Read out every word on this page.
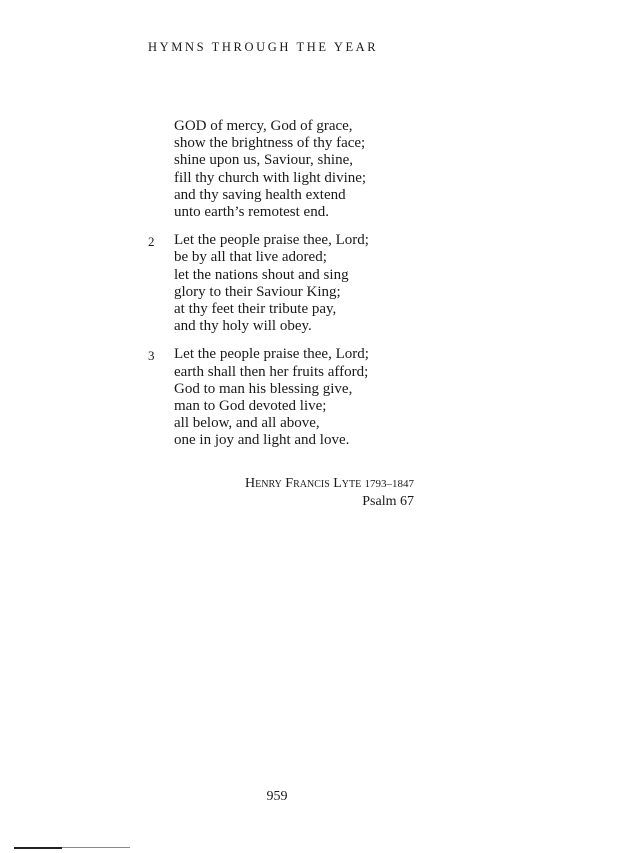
HYMNS THROUGH THE YEAR
GOD of mercy, God of grace,
show the brightness of thy face;
shine upon us, Saviour, shine,
fill thy church with light divine;
and thy saving health extend
unto earth’s remotest end.
2 Let the people praise thee, Lord;
be by all that live adored;
let the nations shout and sing
glory to their Saviour King;
at thy feet their tribute pay,
and thy holy will obey.
3 Let the people praise thee, Lord;
earth shall then her fruits afford;
God to man his blessing give,
man to God devoted live;
all below, and all above,
one in joy and light and love.
Henry Francis Lyte 1793–1847
Psalm 67
959
